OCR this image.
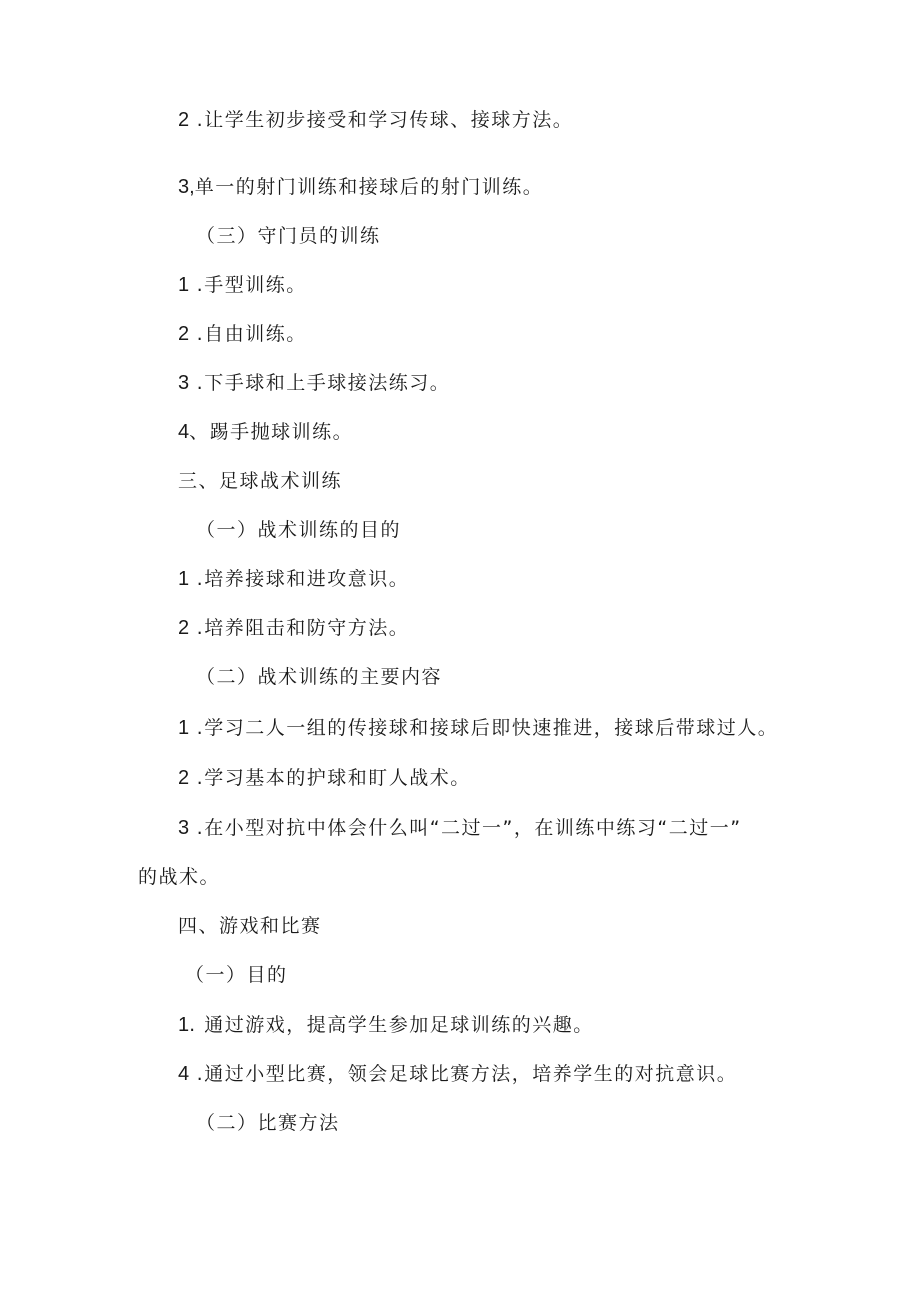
2 .让学生初步接受和学习传球、接球方法。
3,单一的射门训练和接球后的射门训练。
（三）守门员的训练
1 .手型训练。
2 .自由训练。
3 .下手球和上手球接法练习。
4、踢手抛球训练。
三、足球战术训练
（一）战术训练的目的
1 .培养接球和进攻意识。
2 .培养阻击和防守方法。
（二）战术训练的主要内容
1 .学习二人一组的传接球和接球后即快速推进，接球后带球过人。
2 .学习基本的护球和盯人战术。
3 .在小型对抗中体会什么叫“二过一”，在训练中练习“二过一”
的战术。
四、游戏和比赛
（一）目的
1. 通过游戏，提高学生参加足球训练的兴趣。
4 .通过小型比赛，领会足球比赛方法，培养学生的对抗意识。
（二）比赛方法
